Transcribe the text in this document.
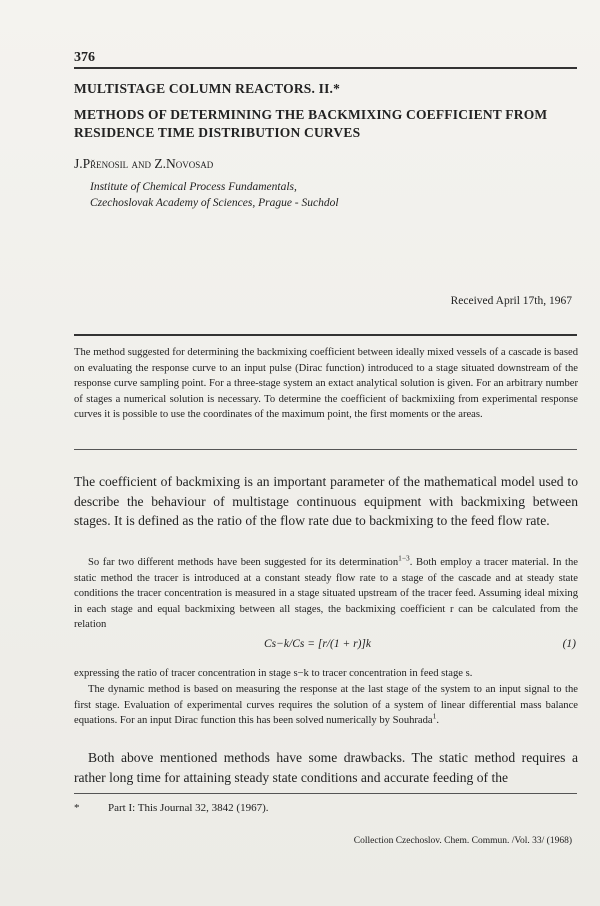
376
MULTISTAGE COLUMN REACTORS. II.*
METHODS OF DETERMINING THE BACKMIXING COEFFICIENT FROM RESIDENCE TIME DISTRIBUTION CURVES
J.Přenosil and Z.Novosad
Institute of Chemical Process Fundamentals,
Czechoslovak Academy of Sciences, Prague - Suchdol
Received April 17th, 1967
The method suggested for determining the backmixing coefficient between ideally mixed vessels of a cascade is based on evaluating the response curve to an input pulse (Dirac function) introduced to a stage situated downstream of the response curve sampling point. For a three-stage system an extact analytical solution is given. For an arbitrary number of stages a numerical solution is necessary. To determine the coefficient of backmixiing from experimental response curves it is possible to use the coordinates of the maximum point, the first moments or the areas.
The coefficient of backmixing is an important parameter of the mathematical model used to describe the behaviour of multistage continuous equipment with backmixing between stages. It is defined as the ratio of the flow rate due to backmixing to the feed flow rate.
So far two different methods have been suggested for its determination$^{1-3}$. Both employ a tracer material. In the static method the tracer is introduced at a constant steady flow rate to a stage of the cascade and at steady state conditions the tracer concentration is measured in a stage situated upstream of the tracer feed. Assuming ideal mixing in each stage and equal backmixing between all stages, the backmixing coefficient r can be calculated from the relation
Cs−k/Cs = [r/(1 + r)]k	(1)
expressing the ratio of tracer concentration in stage s−k to tracer concentration in feed stage s.
The dynamic method is based on measuring the response at the last stage of the system to an input signal to the first stage. Evaluation of experimental curves requires the solution of a system of linear differential mass balance equations. For an input Dirac function this has been solved numerically by Souhrada$^1$.
Both above mentioned methods have some drawbacks. The static method requires a rather long time for attaining steady state conditions and accurate feeding of the
*	Part I: This Journal 32, 3842 (1967).
Collection Czechoslov. Chem. Commun. /Vol. 33/ (1968)
